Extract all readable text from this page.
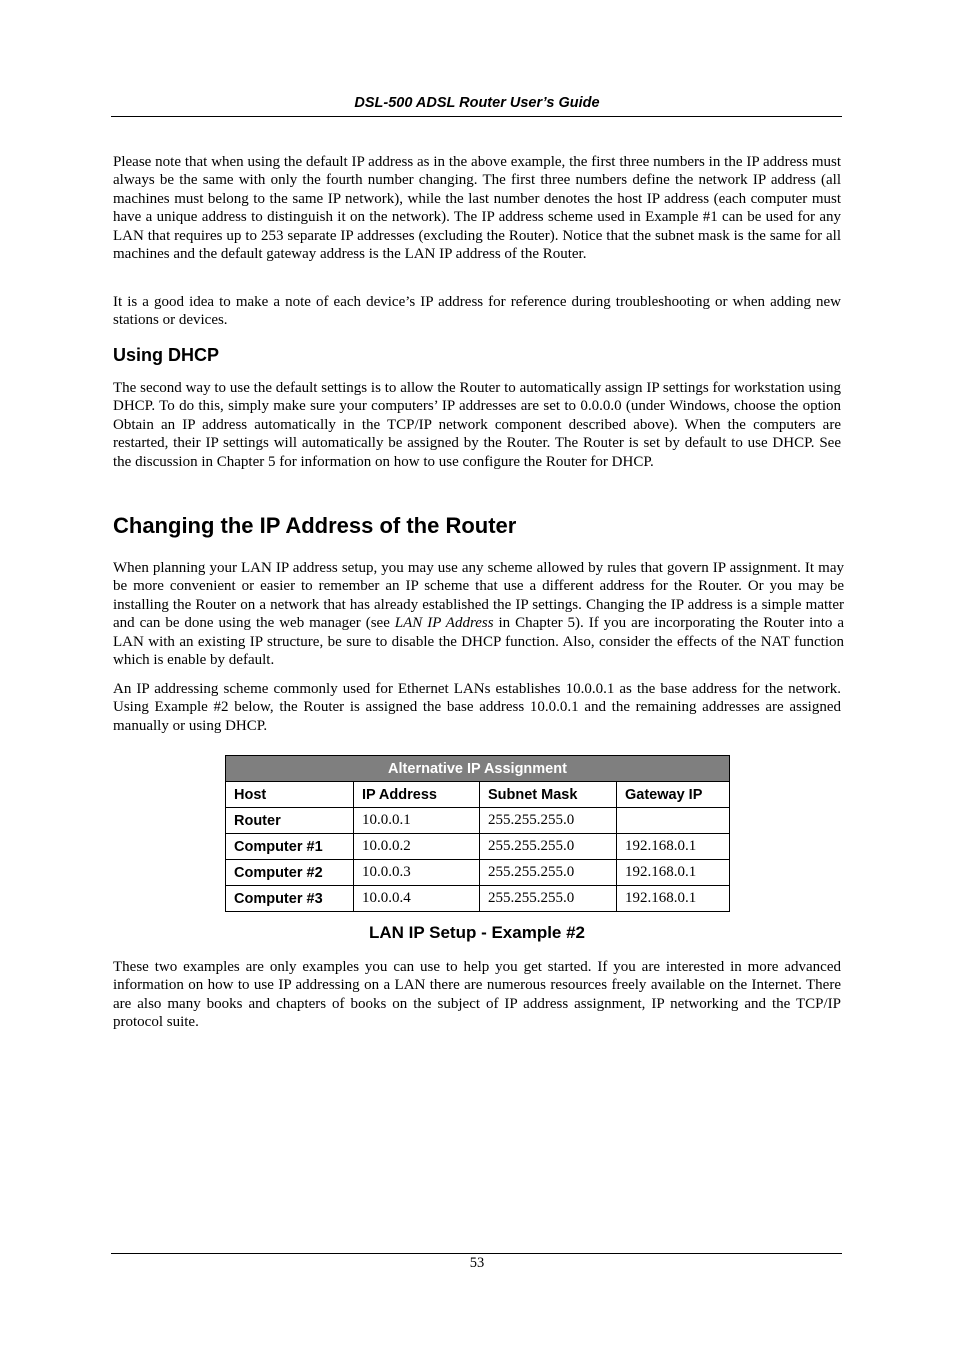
DSL-500 ADSL Router User’s Guide

Please note that when using the default IP address as in the above example, the first three numbers in the IP address must always be the same with only the fourth number changing. The first three numbers define the network IP address (all machines must belong to the same IP network), while the last number denotes the host IP address (each computer must have a unique address to distinguish it on the network). The IP address scheme used in Example #1 can be used for any LAN that requires up to 253 separate IP addresses (excluding the Router). Notice that the subnet mask is the same for all machines and the default gateway address is the LAN IP address of the Router.

It is a good idea to make a note of each device’s IP address for reference during troubleshooting or when adding new stations or devices.

Using DHCP

The second way to use the default settings is to allow the Router to automatically assign IP settings for workstation using DHCP. To do this, simply make sure your computers’ IP addresses are set to 0.0.0.0 (under Windows, choose the option Obtain an IP address automatically in the TCP/IP network component described above). When the computers are restarted, their IP settings will automatically be assigned by the Router. The Router is set by default to use DHCP. See the discussion in Chapter 5 for information on how to use configure the Router for DHCP.

Changing the IP Address of the Router

When planning your LAN IP address setup, you may use any scheme allowed by rules that govern IP assignment. It may be more convenient or easier to remember an IP scheme that use a different address for the Router. Or you may be installing the Router on a network that has already established the IP settings. Changing the IP address is a simple matter and can be done using the web manager (see LAN IP Address in Chapter 5). If you are incorporating the Router into a LAN with an existing IP structure, be sure to disable the DHCP function. Also, consider the effects of the NAT function which is enable by default.

An IP addressing scheme commonly used for Ethernet LANs establishes 10.0.0.1 as the base address for the network. Using Example #2 below, the Router is assigned the base address 10.0.0.1 and the remaining addresses are assigned manually or using DHCP.

Alternative IP Assignment			
Host	IP Address	Subnet Mask	Gateway IP
Router	10.0.0.1	255.255.255.0	
Computer #1	10.0.0.2	255.255.255.0	192.168.0.1
Computer #2	10.0.0.3	255.255.255.0	192.168.0.1
Computer #3	10.0.0.4	255.255.255.0	192.168.0.1
LAN IP Setup - Example #2

These two examples are only examples you can use to help you get started. If you are interested in more advanced information on how to use IP addressing on a LAN there are numerous resources freely available on the Internet. There are also many books and chapters of books on the subject of IP address assignment, IP networking and the TCP/IP protocol suite.

53
